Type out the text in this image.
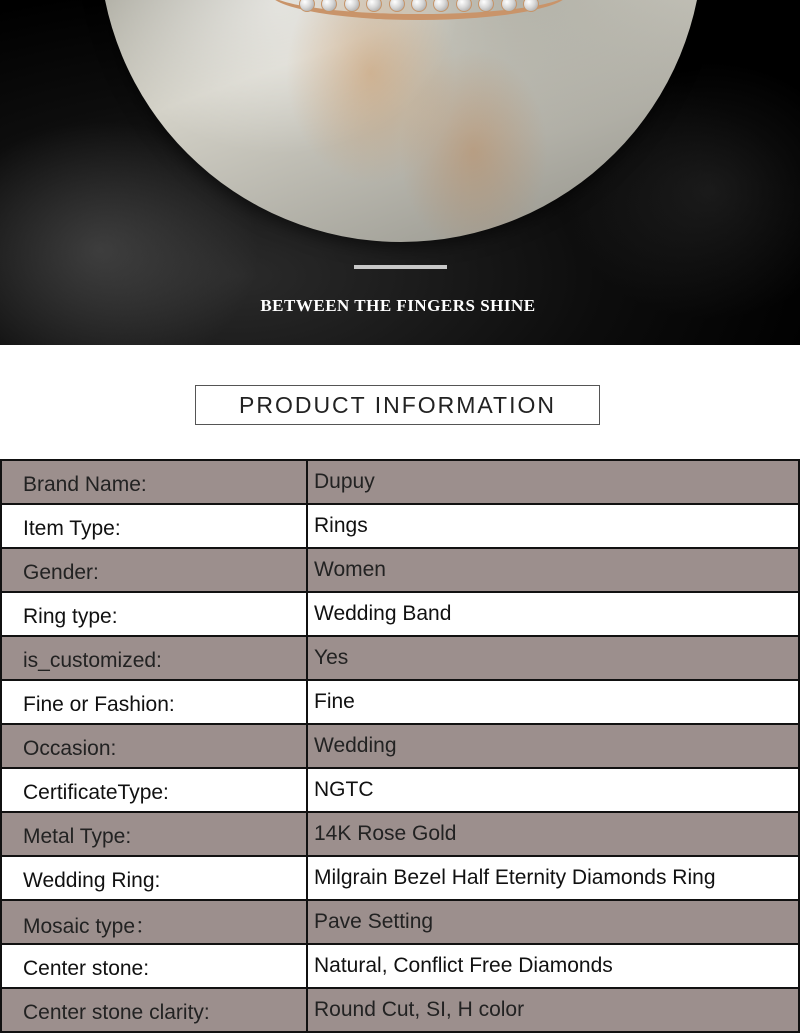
BETWEEN THE FINGERS SHINE
PRODUCT INFORMATION
Brand Name:	Dupuy
Item Type:	Rings
Gender:	Women
Ring type:	Wedding Band
is_customized:	Yes
Fine or Fashion:	Fine
Occasion:	Wedding
CertificateType:	NGTC
Metal Type:	14K Rose Gold
Wedding Ring:	Milgrain Bezel Half Eternity Diamonds Ring
Mosaic type：	Pave Setting
Center stone:	Natural, Conflict Free Diamonds
Center stone clarity:	Round Cut, SI, H color
